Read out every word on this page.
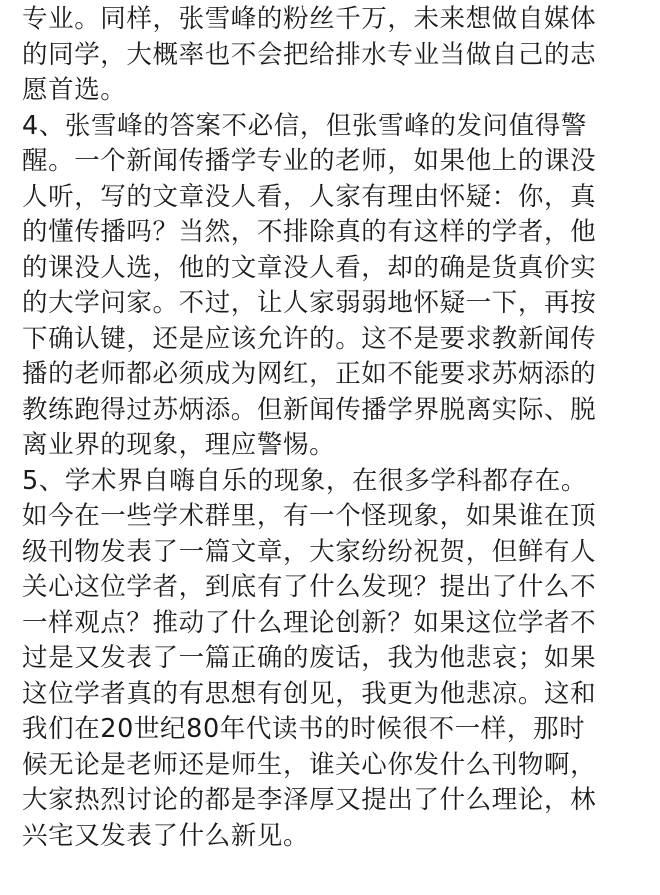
专业。同样，张雪峰的粉丝千万，未来想做自媒体
的同学，大概率也不会把给排水专业当做自己的志
愿首选。
4、张雪峰的答案不必信，但张雪峰的发问值得警
醒。一个新闻传播学专业的老师，如果他上的课没
人听，写的文章没人看，人家有理由怀疑：你，真
的懂传播吗？当然，不排除真的有这样的学者，他
的课没人选，他的文章没人看，却的确是货真价实
的大学问家。不过，让人家弱弱地怀疑一下，再按
下确认键，还是应该允许的。这不是要求教新闻传
播的老师都必须成为网红，正如不能要求苏炳添的
教练跑得过苏炳添。但新闻传播学界脱离实际、脱
离业界的现象，理应警惕。
5、学术界自嗨自乐的现象，在很多学科都存在。
如今在一些学术群里，有一个怪现象，如果谁在顶
级刊物发表了一篇文章，大家纷纷祝贺，但鲜有人
关心这位学者，到底有了什么发现？提出了什么不
一样观点？推动了什么理论创新？如果这位学者不
过是又发表了一篇正确的废话，我为他悲哀；如果
这位学者真的有思想有创见，我更为他悲凉。这和
我们在20世纪80年代读书的时候很不一样，那时
候无论是老师还是师生，谁关心你发什么刊物啊，
大家热烈讨论的都是李泽厚又提出了什么理论，林
兴宅又发表了什么新见。
